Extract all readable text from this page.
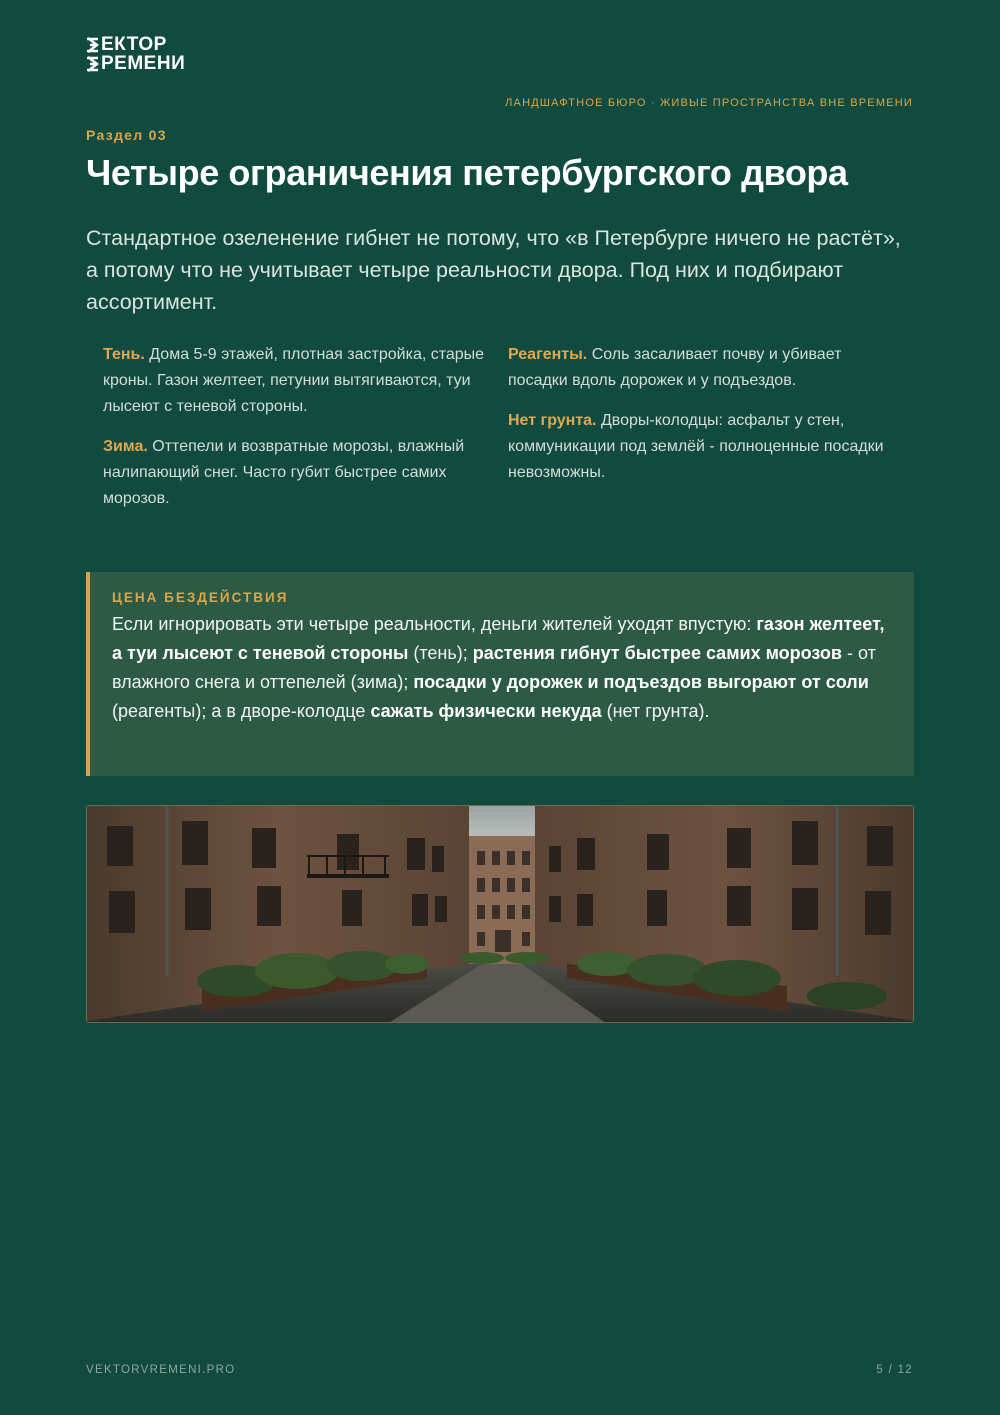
ЕКТОР
РЕМЕНИ
ЛАНДШАФТНОЕ БЮРО · ЖИВЫЕ ПРОСТРАНСТВА ВНЕ ВРЕМЕНИ
Раздел 03
Четыре ограничения петербургского двора

Стандартное озеленение гибнет не потому, что «в Петербурге ничего не растёт», а потому что не учитывает четыре реальности двора. Под них и подбирают ассортимент.

Тень. Дома 5-9 этажей, плотная застройка, старые кроны. Газон желтеет, петунии вытягиваются, туи лысеют с теневой стороны.
Зима. Оттепели и возвратные морозы, влажный налипающий снег. Часто губит быстрее самих морозов.
Реагенты. Соль засаливает почву и убивает посадки вдоль дорожек и у подъездов.
Нет грунта. Дворы-колодцы: асфальт у стен, коммуникации под землёй - полноценные посадки невозможны.
ЦЕНА БЕЗДЕЙСТВИЯ
Если игнорировать эти четыре реальности, деньги жителей уходят впустую: газон желтеет, а туи лысеют с теневой стороны (тень); растения гибнут быстрее самих морозов - от влажного снега и оттепелей (зима); посадки у дорожек и подъездов выгорают от соли (реагенты); а в дворе-колодце сажать физически некуда (нет грунта).
VEKTORVREMENI.PRO	5 / 12
